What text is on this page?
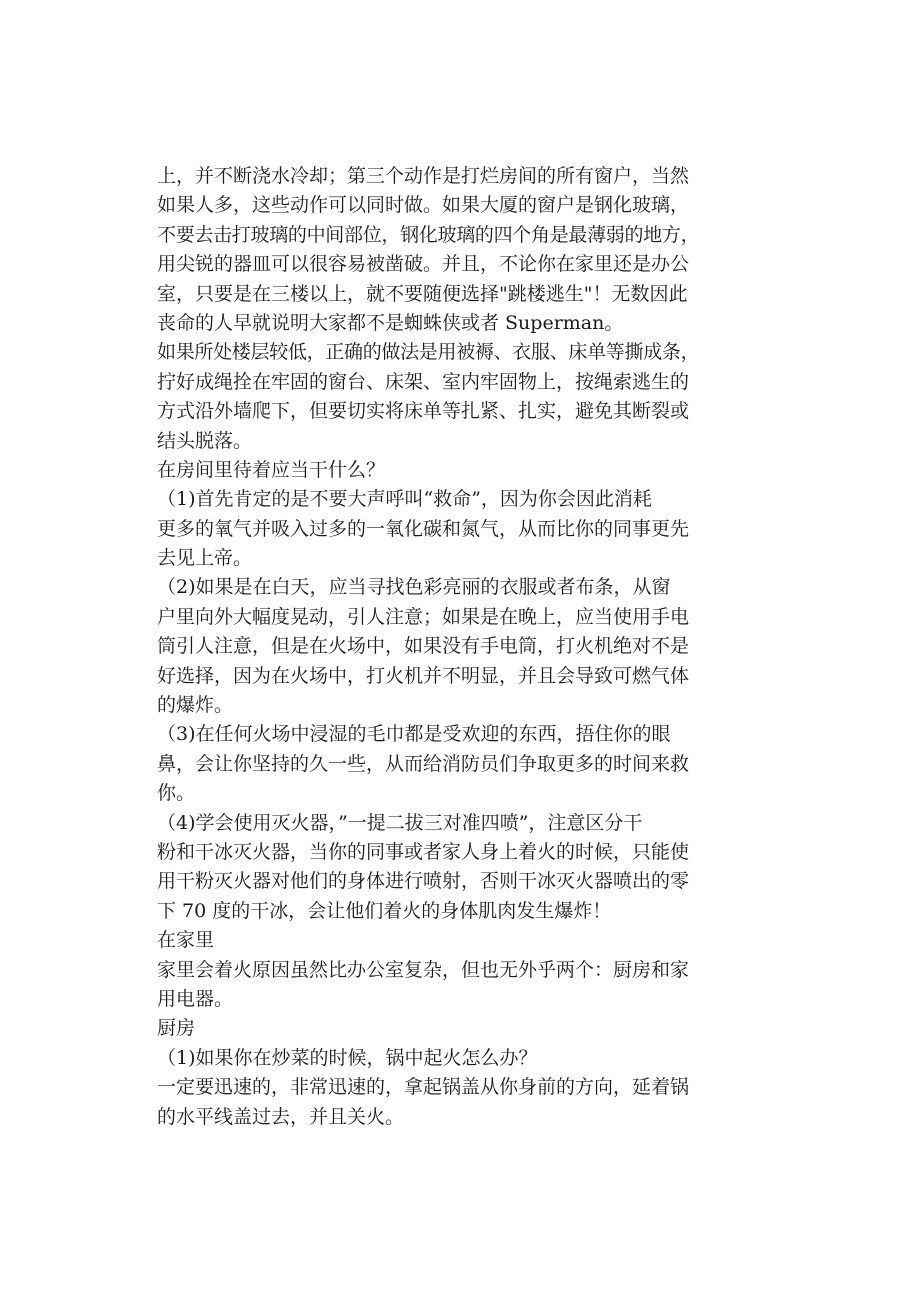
上，并不断浇水冷却；第三个动作是打烂房间的所有窗户，当然
如果人多，这些动作可以同时做。如果大厦的窗户是钢化玻璃，
不要去击打玻璃的中间部位，钢化玻璃的四个角是最薄弱的地方，
用尖锐的器皿可以很容易被凿破。并且，不论你在家里还是办公
室，只要是在三楼以上，就不要随便选择"跳楼逃生"！无数因此
丧命的人早就说明大家都不是蜘蛛侠或者 Superman。
如果所处楼层较低，正确的做法是用被褥、衣服、床单等撕成条，
拧好成绳拴在牢固的窗台、床架、室内牢固物上，按绳索逃生的
方式沿外墙爬下，但要切实将床单等扎紧、扎实，避免其断裂或
结头脱落。
在房间里待着应当干什么？
（1)首先肯定的是不要大声呼叫“救命”，因为你会因此消耗
更多的氧气并吸入过多的一氧化碳和氮气，从而比你的同事更先
去见上帝。
（2)如果是在白天，应当寻找色彩亮丽的衣服或者布条，从窗
户里向外大幅度晃动，引人注意；如果是在晚上，应当使用手电
筒引人注意，但是在火场中，如果没有手电筒，打火机绝对不是
好选择，因为在火场中，打火机并不明显，并且会导致可燃气体
的爆炸。
（3)在任何火场中浸湿的毛巾都是受欢迎的东西，捂住你的眼
鼻，会让你坚持的久一些，从而给消防员们争取更多的时间来救
你。
（4)学会使用灭火器，”一提二拔三对准四喷”，注意区分干
粉和干冰灭火器，当你的同事或者家人身上着火的时候，只能使
用干粉灭火器对他们的身体进行喷射，否则干冰灭火器喷出的零
下 70 度的干冰，会让他们着火的身体肌肉发生爆炸！
在家里
家里会着火原因虽然比办公室复杂，但也无外乎两个：厨房和家
用电器。
厨房
（1)如果你在炒菜的时候，锅中起火怎么办？
一定要迅速的，非常迅速的，拿起锅盖从你身前的方向，延着锅
的水平线盖过去，并且关火。
